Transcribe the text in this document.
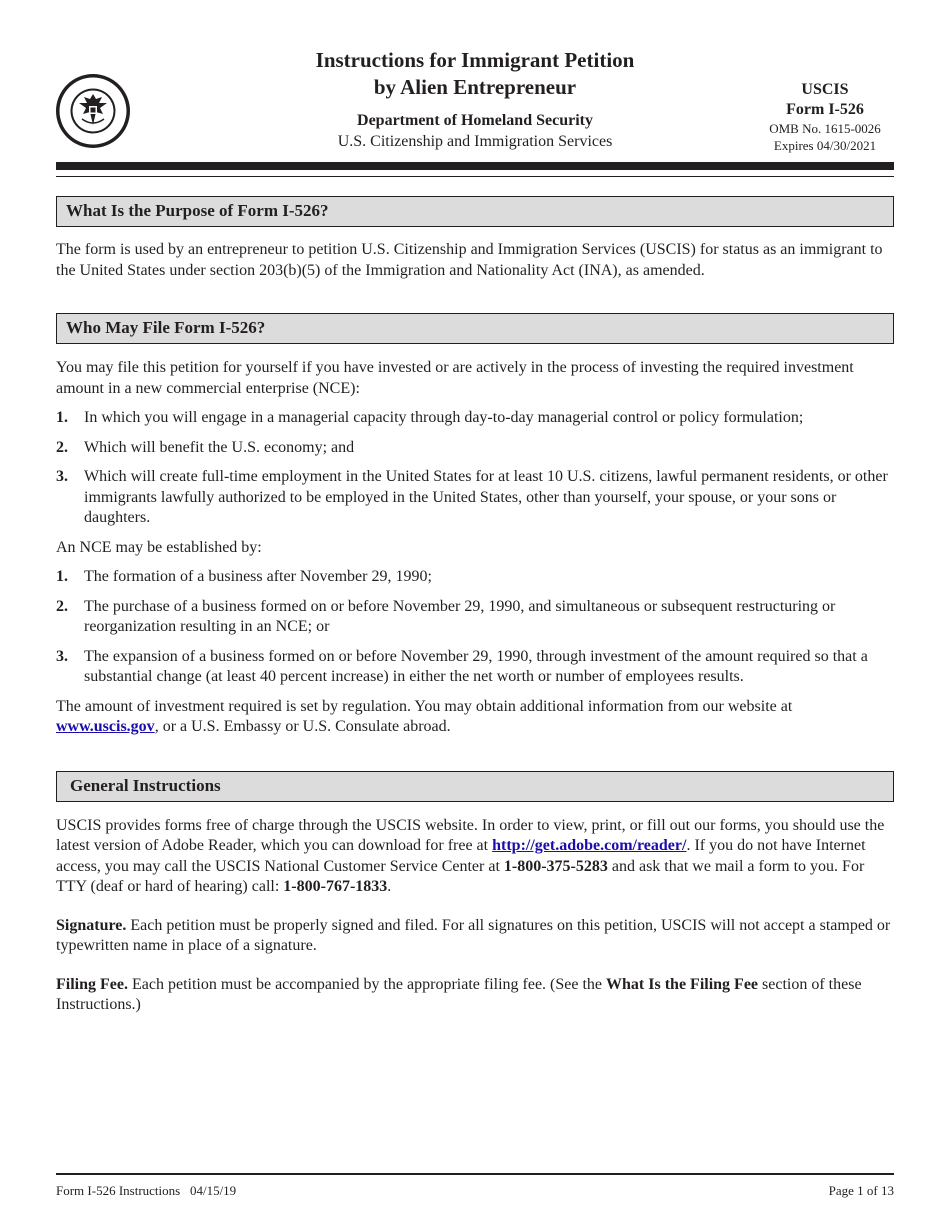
Instructions for Immigrant Petition
by Alien Entrepreneur
Department of Homeland Security
U.S. Citizenship and Immigration Services
USCIS
Form I-526
OMB No. 1615-0026
Expires 04/30/2021
What Is the Purpose of Form I-526?

The form is used by an entrepreneur to petition U.S. Citizenship and Immigration Services (USCIS) for status as an immigrant to the United States under section 203(b)(5) of the Immigration and Nationality Act (INA), as amended.

Who May File Form I-526?

You may file this petition for yourself if you have invested or are actively in the process of investing the required investment amount in a new commercial enterprise (NCE):

1.	In which you will engage in a managerial capacity through day-to-day managerial control or policy formulation;
2.	Which will benefit the U.S. economy; and
3.	Which will create full-time employment in the United States for at least 10 U.S. citizens, lawful permanent residents, or other immigrants lawfully authorized to be employed in the United States, other than yourself, your spouse, or your sons or daughters.

An NCE may be established by:

1.	The formation of a business after November 29, 1990;
2.	The purchase of a business formed on or before November 29, 1990, and simultaneous or subsequent restructuring or reorganization resulting in an NCE; or
3.	The expansion of a business formed on or before November 29, 1990, through investment of the amount required so that a substantial change (at least 40 percent increase) in either the net worth or number of employees results.

The amount of investment required is set by regulation. You may obtain additional information from our website at www.uscis.gov, or a U.S. Embassy or U.S. Consulate abroad.

General Instructions

USCIS provides forms free of charge through the USCIS website. In order to view, print, or fill out our forms, you should use the latest version of Adobe Reader, which you can download for free at http://get.adobe.com/reader/. If you do not have Internet access, you may call the USCIS National Customer Service Center at 1-800-375-5283 and ask that we mail a form to you. For TTY (deaf or hard of hearing) call: 1-800-767-1833.

Signature. Each petition must be properly signed and filed. For all signatures on this petition, USCIS will not accept a stamped or typewritten name in place of a signature.

Filing Fee. Each petition must be accompanied by the appropriate filing fee. (See the What Is the Filing Fee section of these Instructions.)

Form I-526 Instructions   04/15/19	Page 1 of 13
